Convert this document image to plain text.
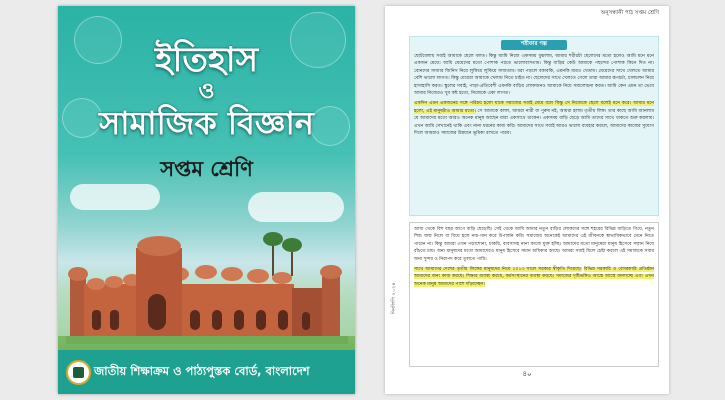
ইতিহাস
ও
সামাজিক বিজ্ঞান
সপ্তম শ্রেণি
জাতীয় শিক্ষাক্রম ও পাঠ্যপুস্তক বোর্ড, বাংলাদেশ
অনুসন্ধানী পাঠ সপ্তম শ্রেণি
শরীফার গল্প

ছোটবেলায় সবাই আমাকে ছেলে বলত। কিন্তু আমি নিজে একসময় বুঝলাম, আমার শরীরটা ছেলেদের মতো হলেও আমি মনে মনে একজন মেয়ে। আমি মেয়েদের মতো পোশাক পরতে ভালোবাসতাম। কিন্তু বাড়ির কেউ আমাকে পছন্দের পোশাক কিনে দিত না। বোনদের সাজার জিনিস নিয়ে লুকিয়ে লুকিয়ে সাজতাম। ধরা পড়লে বকাবকি, এমনকি মারও খেতাম। মেয়েদের সাথে খেলতে আমার বেশি ভালো লাগত। কিন্তু মেয়েরা আমাকে খেলায় নিতে চাইত না। ছেলেদের সাথে খেলতে গেলে তারা আমার রূপচর্চা, চালচলন নিয়ে হাসাহাসি করত। স্কুলের সবাই, পাড়া-প্রতিবেশী এমনকি বাড়ির লোকজনও আমাকে নিয়ে সমালোচনা করত। আমি কেন এমন তা ভেবে আমার নিজেরও খুব কষ্ট হতো, নিজেকে একা লাগত।

একদিন এমন একজনের সঙ্গে পরিচয় হলো যাকে সমাজের সবাই মেয়ে বলে কিন্তু সে নিজেকে ছেলে বলেই মনে করে। আমার মনে হলো, এই মানুষটাও আমার মতো। সে আমাকে বলল, আমরা নারী বা পুরুষ নই, আমরা হলাম তৃতীয় লিঙ্গ। তার কাছে আমি জানলাম যে আমাদের মতো আরও অনেক মানুষ আছেন যারা একসাথে থাকেন। একসময় বাড়ি ছেড়ে আমি তাদের সাথে থাকতে শুরু করলাম। এখন আমি সেখানেই থাকি এবং নানা ধরনের কাজ করি। আমাদের সাথে সবাই আরও ভালো ব্যবহার করলে, আমাদের কাজের সুযোগ দিলে আমরাও সমাজের উন্নয়নে ভূমিকা রাখতে পারব।

আজ থেকে বিশ বছর আগে বাড়ি ছেড়েছি। সেই থেকে আমি আমার নতুন বাড়ির লোকদের সঙ্গে শহরের বিভিন্ন বাড়িতে গিয়ে, নতুন শিশু জন্ম নিলে বা বিয়ে হলে নাচ-গান করে উপার্জন করি। সমাজের অনেকেই আমাদের এই জীবনকে স্বাভাবিকভাবে মেনে নিতে পারেন না। কিন্তু আমরা এখন পড়াশোনা, চাকরি, ব্যবসাসহ নানা কাজে যুক্ত হচ্ছি। আমাদের মতো মানুষেরা মানুষ হিসেবে সম্মান নিয়ে বাঁচতে চায়। অন্য মানুষদের মতো আমাদেরও মানুষ হিসেবে সমান অধিকার আছে। আমরা সবাই মিলে চেষ্টা করলে এই সমাজকে সবার জন্য সুন্দর ও নিরাপদ করে তুলতে পারি।

সাথে আমাদের দেশের তৃতীয় লিঙ্গের মানুষদের নিয়ে ২০১৩ সালে সরকার স্বীকৃতি দিয়েছে। বিভিন্ন সরকারি ও বেসরকারি প্রতিষ্ঠান আমাদের জন্য কাজ করছে। শিক্ষার ব্যবস্থা করছে, কর্মসংস্থানের ব্যবস্থা করছে। সমাজের দৃষ্টিভঙ্গিও আস্তে আস্তে বদলাচ্ছে এবং এখন অনেক মানুষ আমাদের পাশে দাঁড়াচ্ছেন।

দিনলিপি ২০২৪
৪০
